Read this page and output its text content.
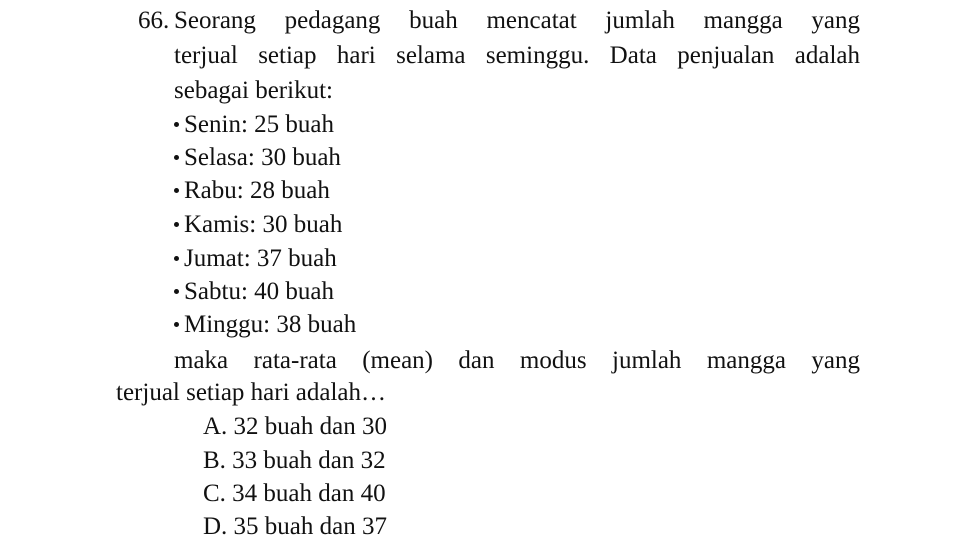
66. Seorang pedagang buah mencatat jumlah mangga yang
terjual setiap hari selama seminggu. Data penjualan adalah
sebagai berikut:
Senin: 25 buah
Selasa: 30 buah
Rabu: 28 buah
Kamis: 30 buah
Jumat: 37 buah
Sabtu: 40 buah
Minggu: 38 buah
maka rata-rata (mean) dan modus jumlah mangga yang
terjual setiap hari adalah…
A. 32 buah dan 30
B. 33 buah dan 32
C. 34 buah dan 40
D. 35 buah dan 37
